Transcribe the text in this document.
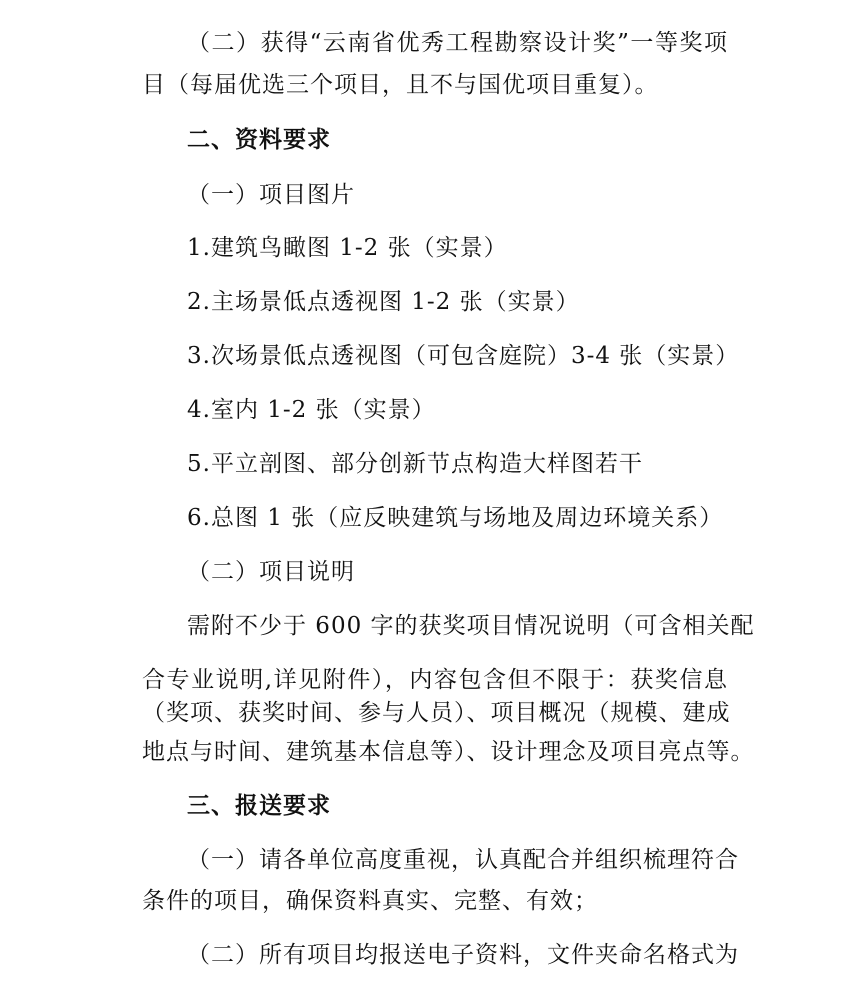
（二）获得“云南省优秀工程勘察设计奖”一等奖项
目（每届优选三个项目，且不与国优项目重复）。
二、资料要求
（一）项目图片
1.建筑鸟瞰图 1-2 张（实景）
2.主场景低点透视图 1-2 张（实景）
3.次场景低点透视图（可包含庭院）3-4 张（实景）
4.室内 1-2 张（实景）
5.平立剖图、部分创新节点构造大样图若干
6.总图 1 张（应反映建筑与场地及周边环境关系）
（二）项目说明
需附不少于 600 字的获奖项目情况说明（可含相关配
合专业说明,详见附件），内容包含但不限于：获奖信息
（奖项、获奖时间、参与人员）、项目概况（规模、建成
地点与时间、建筑基本信息等）、设计理念及项目亮点等。
三、报送要求
（一）请各单位高度重视，认真配合并组织梳理符合
条件的项目，确保资料真实、完整、有效；
（二）所有项目均报送电子资料，文件夹命名格式为
